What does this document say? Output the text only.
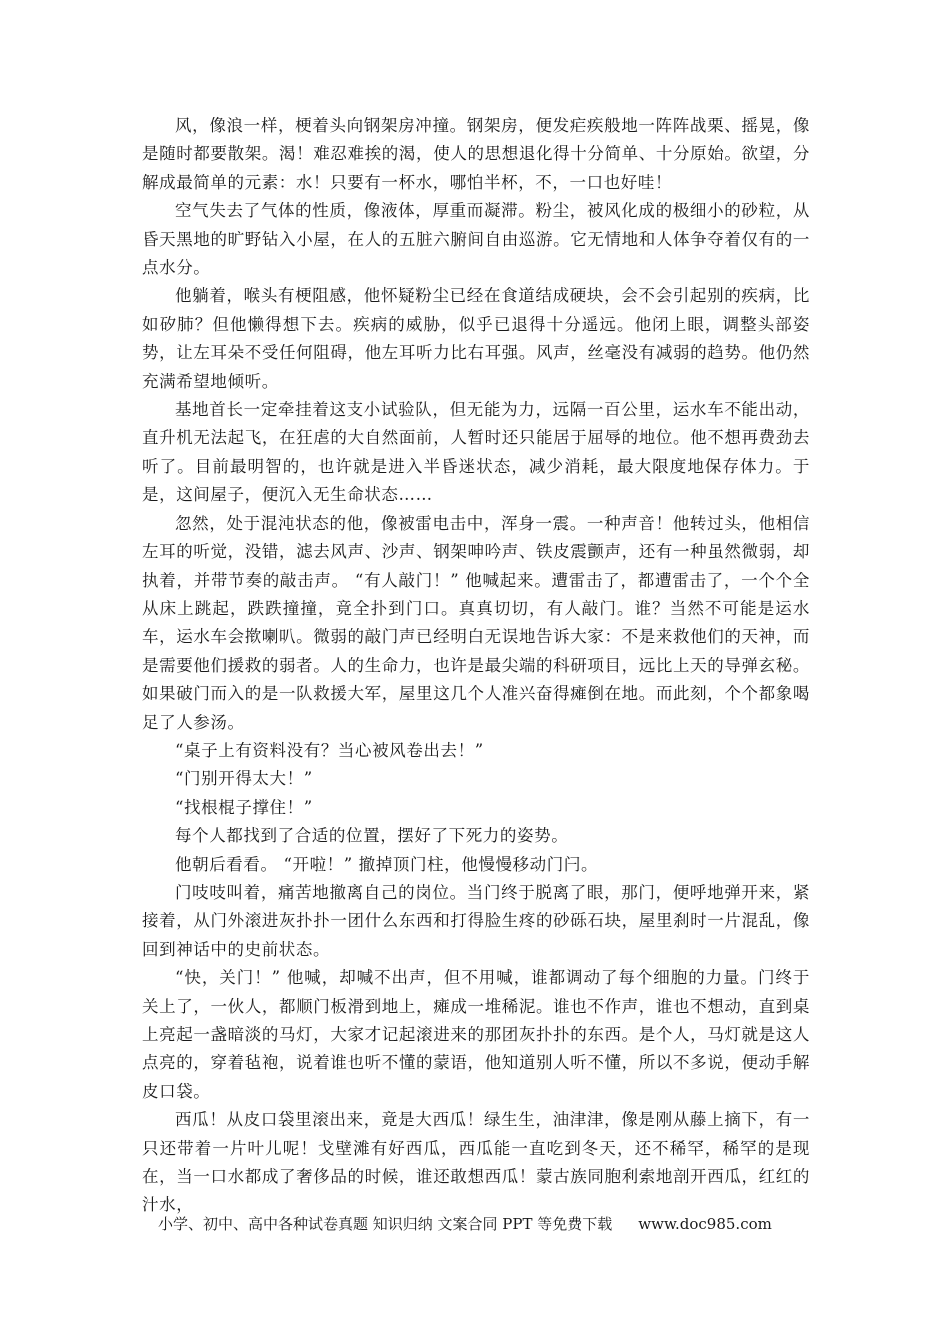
风，像浪一样，梗着头向钢架房冲撞。钢架房，便发疟疾般地一阵阵战栗、摇晃，像是随时都要散架。渴！难忍难挨的渴，使人的思想退化得十分简单、十分原始。欲望，分解成最简单的元素：水！只要有一杯水，哪怕半杯，不，一口也好哇！

空气失去了气体的性质，像液体，厚重而凝滞。粉尘，被风化成的极细小的砂粒，从昏天黑地的旷野钻入小屋，在人的五脏六腑间自由巡游。它无情地和人体争夺着仅有的一点水分。

他躺着，喉头有梗阻感，他怀疑粉尘已经在食道结成硬块，会不会引起别的疾病，比如矽肺？但他懒得想下去。疾病的威胁，似乎已退得十分遥远。他闭上眼，调整头部姿势，让左耳朵不受任何阻碍，他左耳听力比右耳强。风声，丝毫没有减弱的趋势。他仍然充满希望地倾听。

基地首长一定牵挂着这支小试验队，但无能为力，远隔一百公里，运水车不能出动，直升机无法起飞，在狂虐的大自然面前，人暂时还只能居于屈辱的地位。他不想再费劲去听了。目前最明智的，也许就是进入半昏迷状态，减少消耗，最大限度地保存体力。于是，这间屋子，便沉入无生命状态……

忽然，处于混沌状态的他，像被雷电击中，浑身一震。一种声音！他转过头，他相信左耳的听觉，没错，滤去风声、沙声、钢架呻吟声、铁皮震颤声，还有一种虽然微弱，却执着，并带节奏的敲击声。 “有人敲门！” 他喊起来。遭雷击了，都遭雷击了，一个个全从床上跳起，跌跌撞撞，竟全扑到门口。真真切切，有人敲门。谁？当然不可能是运水车，运水车会揿喇叭。微弱的敲门声已经明白无误地告诉大家：不是来救他们的天神，而是需要他们援救的弱者。人的生命力，也许是最尖端的科研项目，远比上天的导弹玄秘。如果破门而入的是一队救援大军，屋里这几个人准兴奋得瘫倒在地。而此刻，个个都象喝足了人参汤。

“桌子上有资料没有？当心被风卷出去！”

“门别开得太大！”

“找根棍子撑住！”

每个人都找到了合适的位置，摆好了下死力的姿势。

他朝后看看。 “开啦！” 撤掉顶门柱，他慢慢移动门闩。

门吱吱叫着，痛苦地撤离自己的岗位。当门终于脱离了眼，那门，便呼地弹开来，紧接着，从门外滚进灰扑扑一团什么东西和打得脸生疼的砂砾石块，屋里刹时一片混乱，像回到神话中的史前状态。

“快，关门！” 他喊，却喊不出声，但不用喊，谁都调动了每个细胞的力量。门终于关上了，一伙人，都顺门板滑到地上，瘫成一堆稀泥。谁也不作声，谁也不想动，直到桌上亮起一盏暗淡的马灯，大家才记起滚进来的那团灰扑扑的东西。是个人，马灯就是这人点亮的，穿着毡袍，说着谁也听不懂的蒙语，他知道别人听不懂，所以不多说，便动手解皮口袋。

西瓜！从皮口袋里滚出来，竟是大西瓜！绿生生，油津津，像是刚从藤上摘下，有一只还带着一片叶儿呢！戈壁滩有好西瓜，西瓜能一直吃到冬天，还不稀罕，稀罕的是现在，当一口水都成了奢侈品的时候，谁还敢想西瓜！蒙古族同胞利索地剖开西瓜，红红的汁水，

小学、初中、高中各种试卷真题 知识归纳 文案合同 PPT 等免费下载 www.doc985.com
